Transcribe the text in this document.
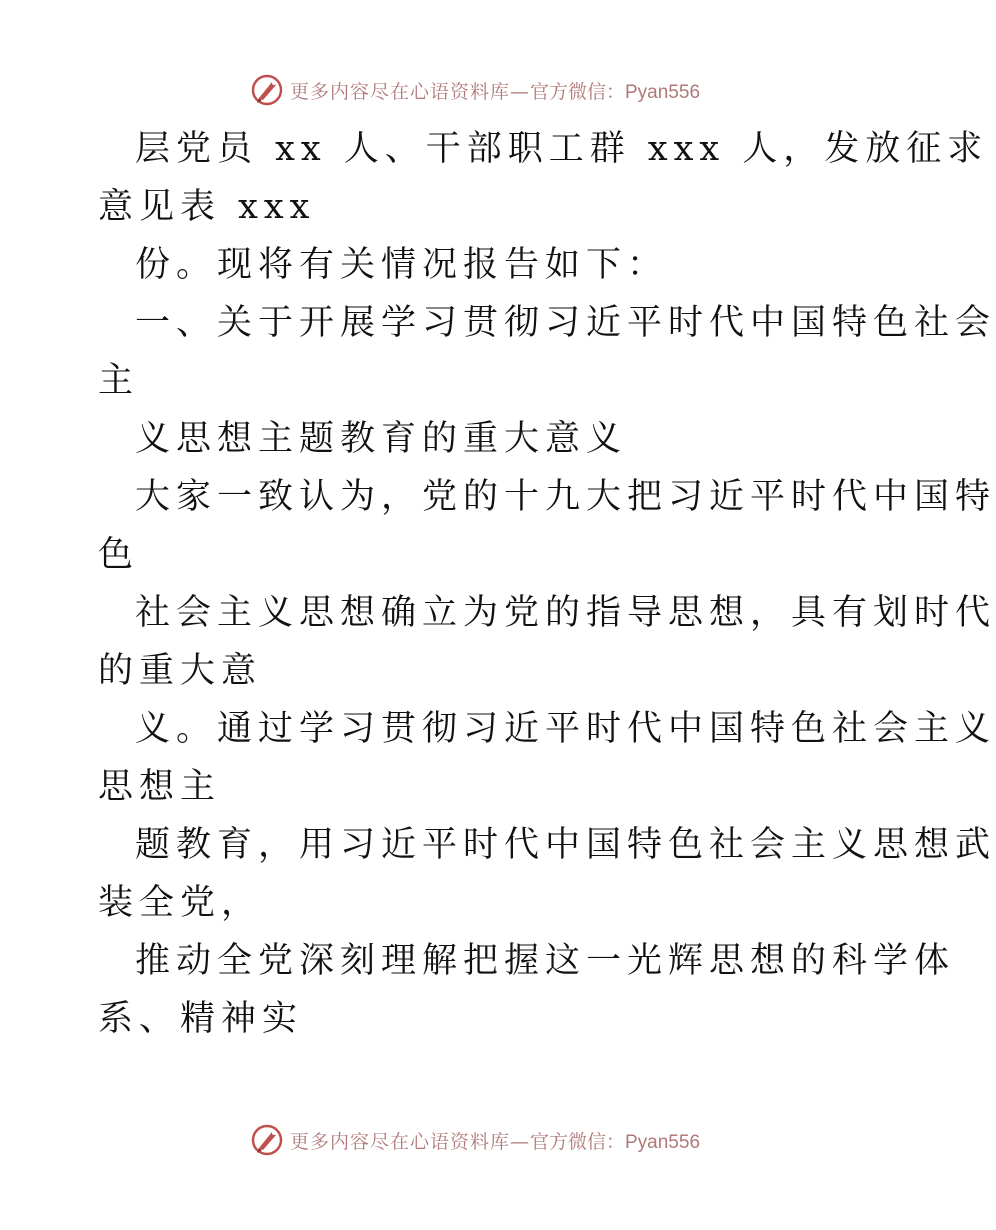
更多内容尽在心语资料库—官方微信：Pyan556
层党员 xx 人、干部职工群 xxx 人，发放征求
意见表 xxx
份。现将有关情况报告如下：
一、关于开展学习贯彻习近平时代中国特色社会
主
义思想主题教育的重大意义
大家一致认为，党的十九大把习近平时代中国特
色
社会主义思想确立为党的指导思想，具有划时代
的重大意
义。通过学习贯彻习近平时代中国特色社会主义
思想主
题教育，用习近平时代中国特色社会主义思想武
装全党，
推动全党深刻理解把握这一光辉思想的科学体
系、精神实
更多内容尽在心语资料库—官方微信：Pyan556
